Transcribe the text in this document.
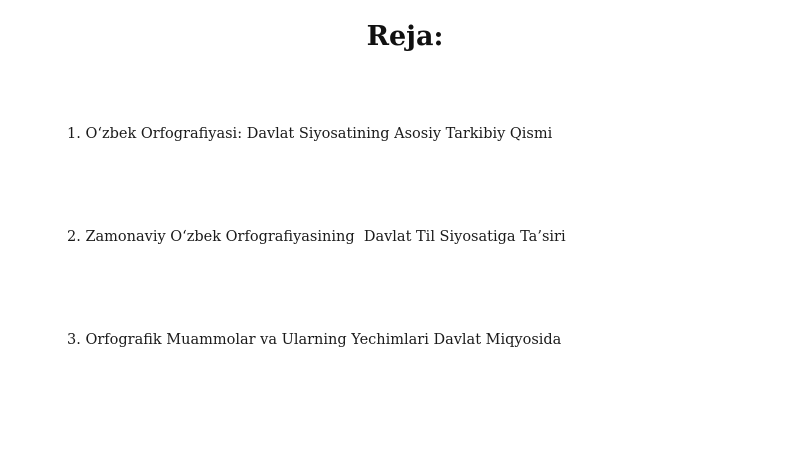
Reja:
1. O‘zbek Orfografiyasi: Davlat Siyosatining Asosiy Tarkibiy Qismi
2. Zamonaviy O‘zbek Orfografiyasining  Davlat Til Siyosatiga Ta’siri
3. Orfografik Muammolar va Ularning Yechimlari Davlat Miqyosida
